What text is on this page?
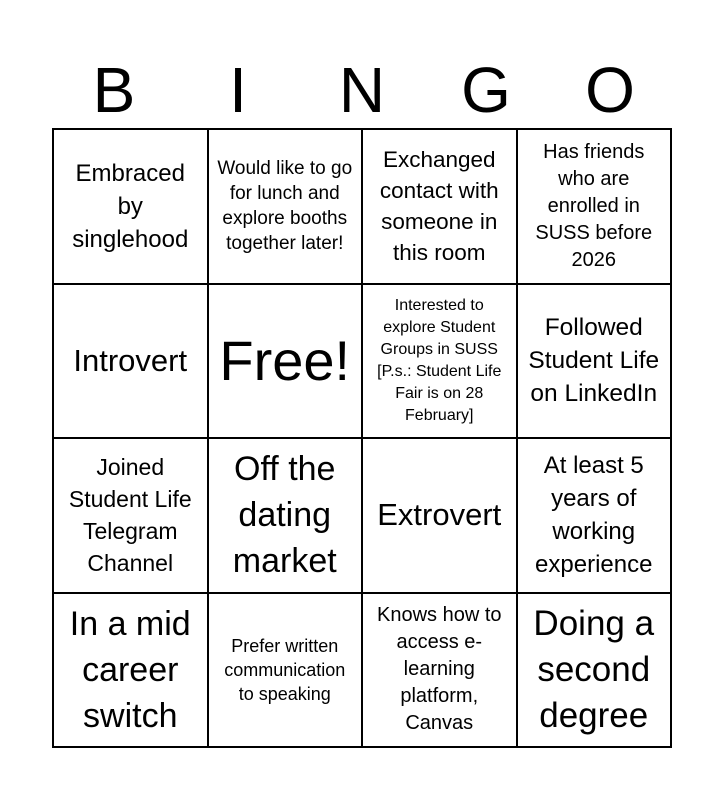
B	I	N	G	O
Embraced by singlehood
Would like to go for lunch and explore booths together later!
Exchanged contact with someone in this room
Has friends who are enrolled in SUSS before 2026
Introvert Free!
Interested to explore Student Groups in SUSS [P.s.: Student Life Fair is on 28 February]
Followed Student Life on LinkedIn
Joined Student Life Telegram Channel
Off the dating market
Extrovert
At least 5 years of working experience
In a mid career switch
Prefer written communication to speaking
Knows how to access e-learning platform, Canvas
Doing a second degree
